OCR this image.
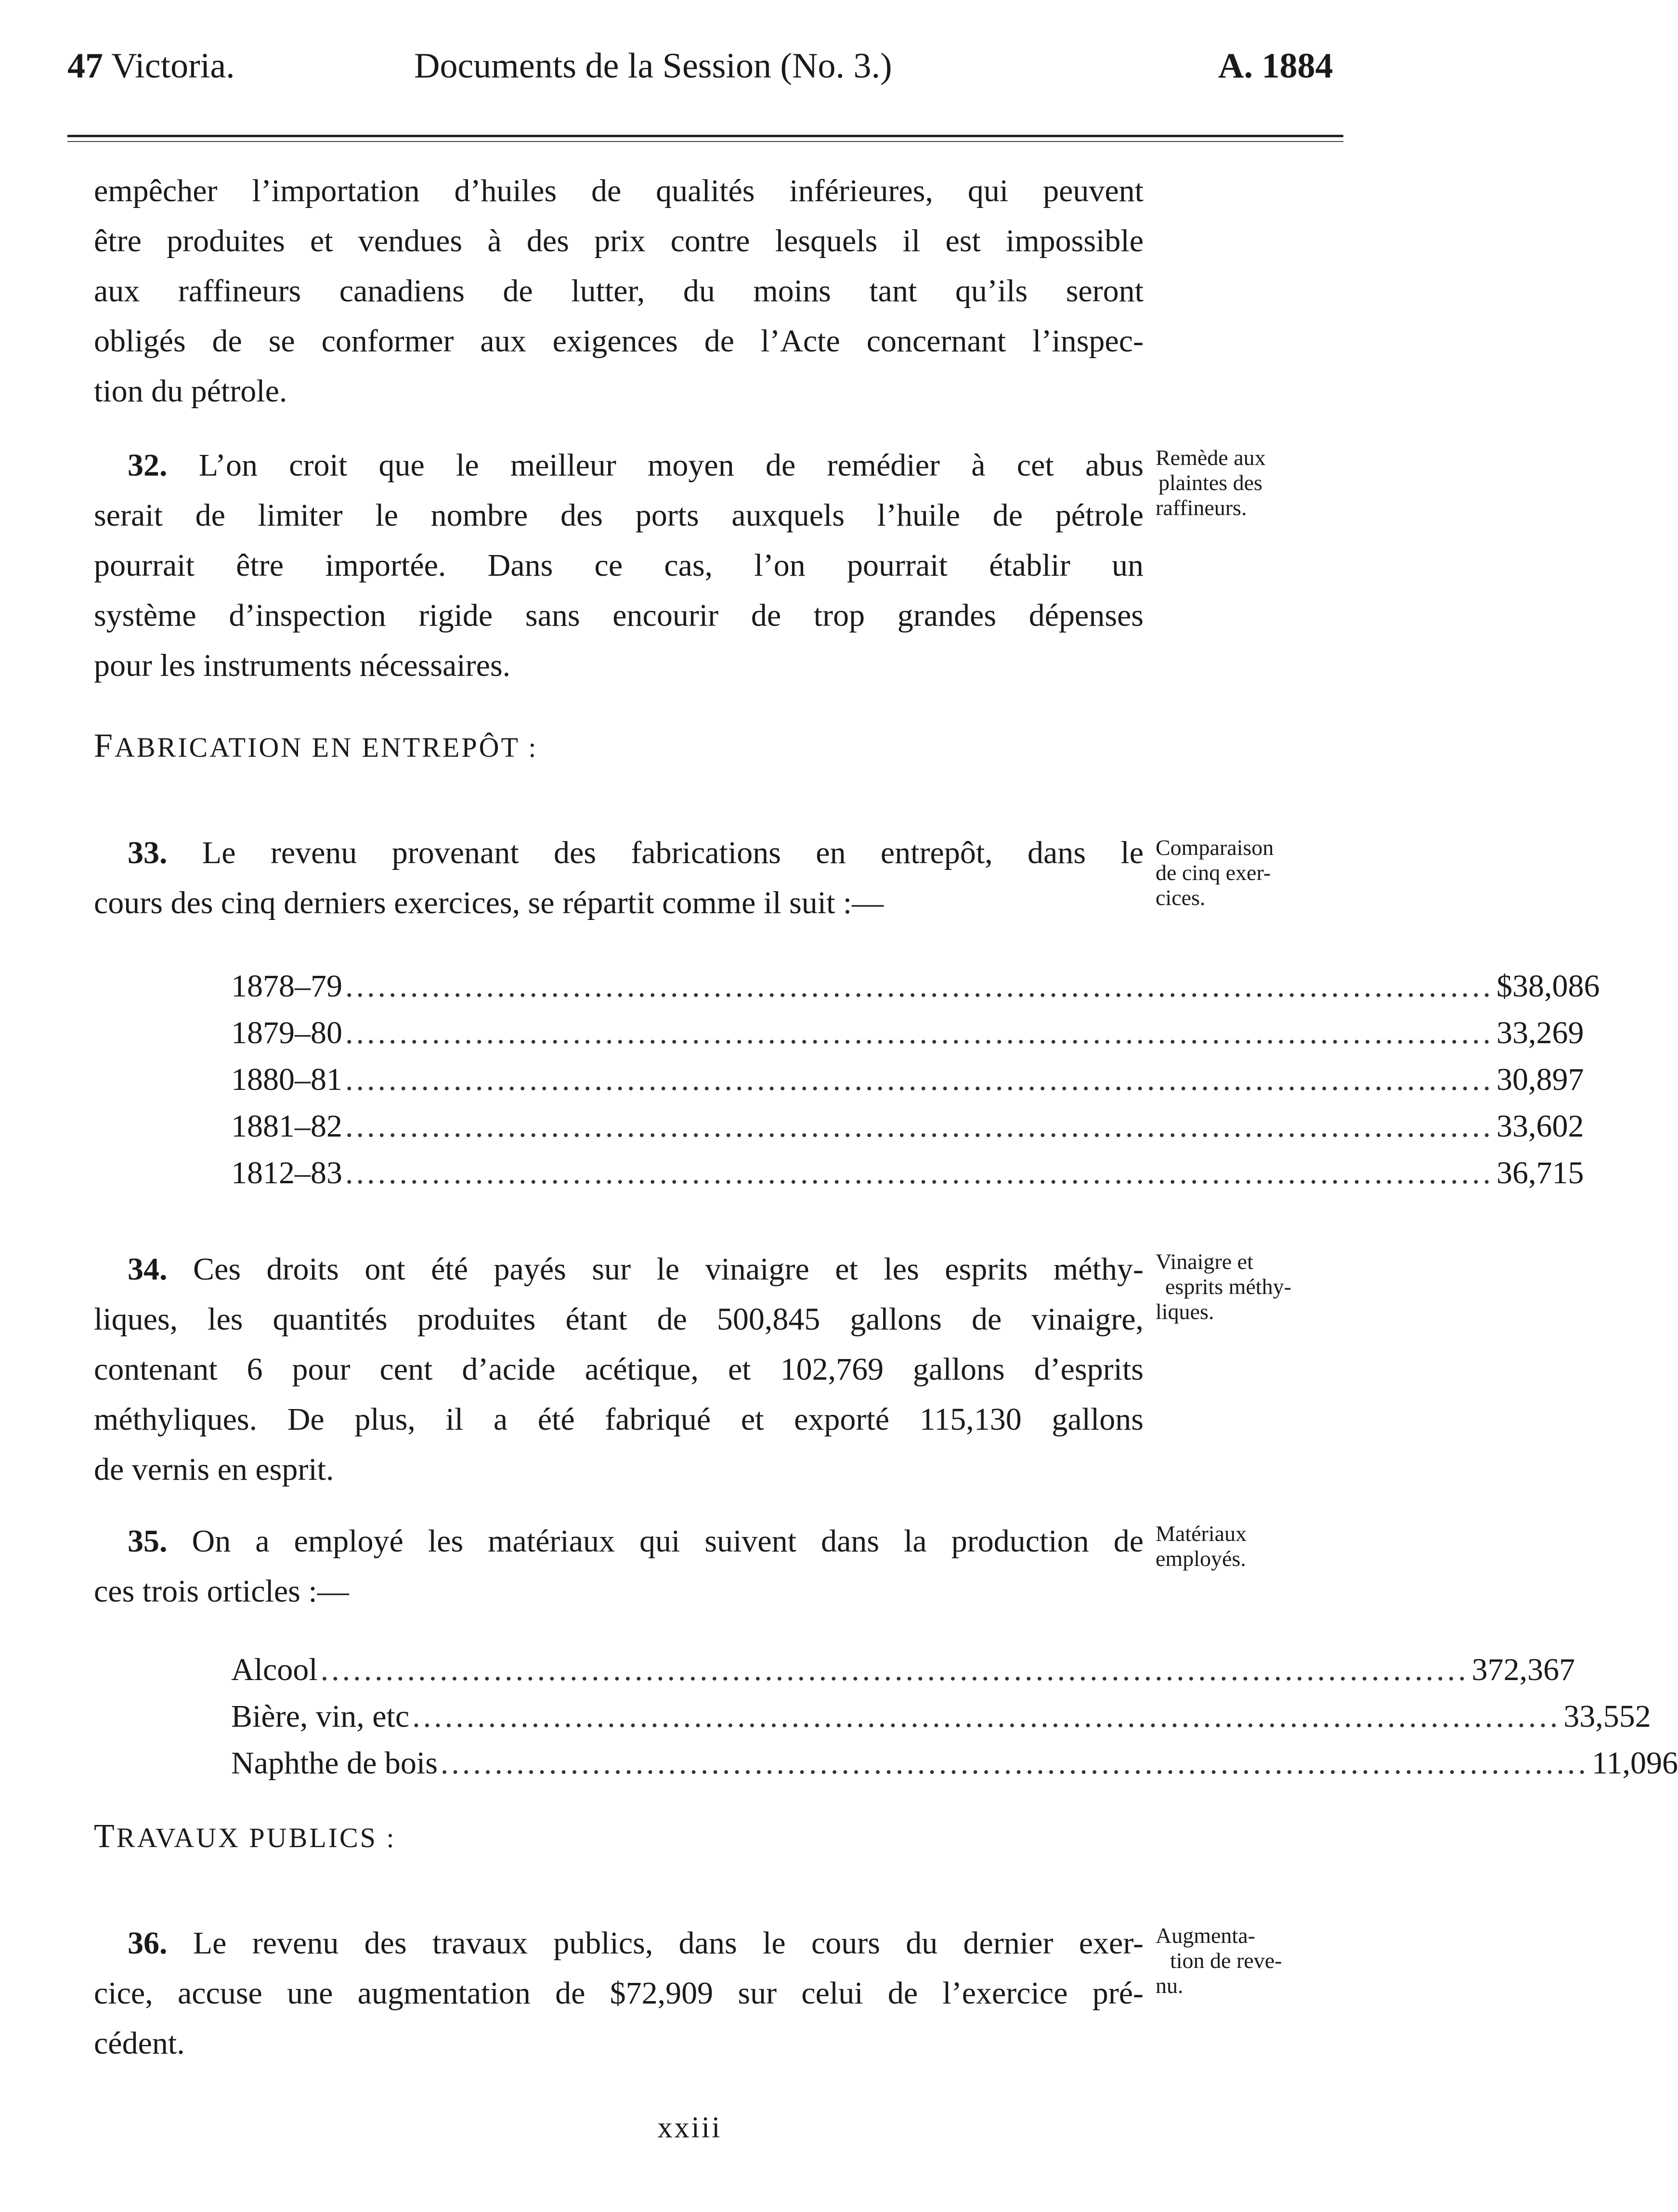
47 Victoria.	Documents de la Session (No. 3.)	A. 1884
empêcher l’importation d’huiles de qualités inférieures, qui peuvent
être produites et vendues à des prix contre lesquels il est impossible
aux raffineurs canadiens de lutter, du moins tant qu’ils seront
obligés de se conformer aux exigences de l’Acte concernant l’inspec-
tion du pétrole.
32. L’on croit que le meilleur moyen de remédier à cet abus
serait de limiter le nombre des ports auxquels l’huile de pétrole
pourrait être importée. Dans ce cas, l’on pourrait établir un
système d’inspection rigide sans encourir de trop grandes dépenses
pour les instruments nécessaires.
Remède aux
plaintes des
raffineurs.
FABRICATION EN ENTREPÔT :
33. Le revenu provenant des fabrications en entrepôt, dans le
cours des cinq derniers exercices, se répartit comme il suit :—
Comparaison
de cinq exer-
cices.
1878–79 .......................................................................................................... $38,086
1879–80 .......................................................................................................... 33,269
1880–81 .......................................................................................................... 30,897
1881–82 .......................................................................................................... 33,602
1812–83 .......................................................................................................... 36,715
34. Ces droits ont été payés sur le vinaigre et les esprits méthy-
liques, les quantités produites étant de 500,845 gallons de vinaigre,
contenant 6 pour cent d’acide acétique, et 102,769 gallons d’esprits
méthyliques. De plus, il a été fabriqué et exporté 115,130 gallons
de vernis en esprit.
Vinaigre et
esprits méthy-
liques.
35. On a employé les matériaux qui suivent dans la production de
ces trois orticles :—
Matériaux
employés.
Alcool .......................................................................................................... 372,367
Bière, vin, etc .......................................................................................................... 33,552
Naphthe de bois .......................................................................................................... 11,096
TRAVAUX PUBLICS :
36. Le revenu des travaux publics, dans le cours du dernier exer-
cice, accuse une augmentation de $72,909 sur celui de l’exercice pré-
cédent.
Augmenta-
tion de reve-
nu.
xxiii
